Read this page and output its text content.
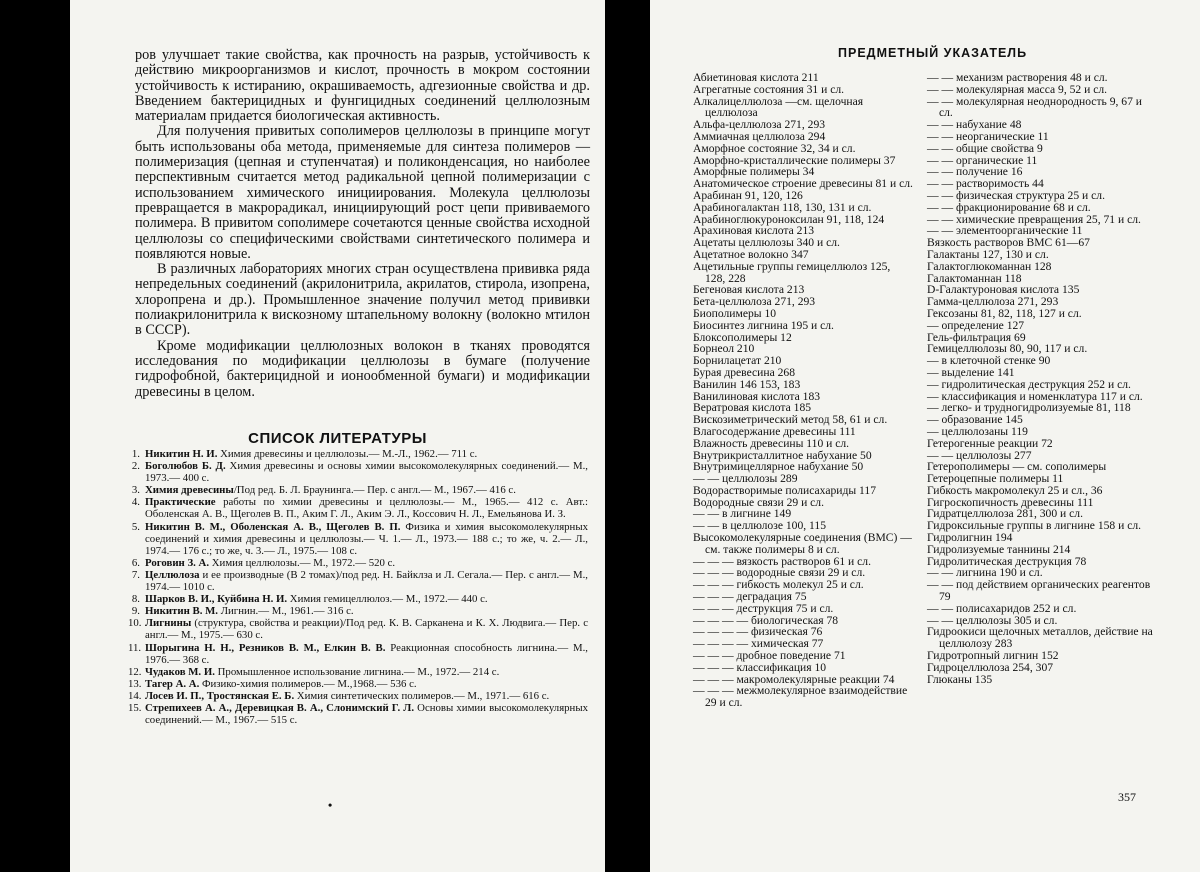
ров улучшает такие свойства, как прочность на разрыв, устойчивость к действию микроорганизмов и кислот, прочность в мокром состоянии устойчивость к истиранию, окрашиваемость, адгезионные свойства и др. Введением бактерицидных и фунгицидных соединений целлюлозным материалам придается биологическая активность.

Для получения привитых сополимеров целлюлозы в принципе могут быть использованы оба метода, применяемые для синтеза полимеров — полимеризация (цепная и ступенчатая) и поликонденсация, но наиболее перспективным считается метод радикальной цепной полимеризации с использованием химического инициирования. Молекула целлюлозы превращается в макрорадикал, инициирующий рост цепи прививаемого полимера. В привитом сополимере сочетаются ценные свойства исходной целлюлозы со специфическими свойствами синтетического полимера и появляются новые.

В различных лабораториях многих стран осуществлена прививка ряда непредельных соединений (акрилонитрила, акрилатов, стирола, изопрена, хлоропрена и др.). Промышленное значение получил метод прививки полиакрилонитрила к вискозному штапельному волокну (волокно мтилон в СССР).

Кроме модификации целлюлозных волокон в тканях проводятся исследования по модификации целлюлозы в бумаге (получение гидрофобной, бактерицидной и ионообменной бумаги) и модификации древесины в целом.

СПИСОК ЛИТЕРАТУРЫ
1. Никитин Н. И. Химия древесины и целлюлозы.— М.-Л., 1962.— 711 с.
2. Боголюбов Б. Д. Химия древесины и основы химии высокомолекулярных соединений.— М., 1973.— 400 с.
3. Химия древесины/Под ред. Б. Л. Браунинга.— Пер. с англ.— М., 1967.— 416 с.
4. Практические работы по химии древесины и целлюлозы.— М., 1965.— 412 с. Авт.: Оболенская А. В., Щеголев В. П., Аким Г. Л., Аким Э. Л., Коссович Н. Л., Емельянова И. З.
5. Никитин В. М., Оболенская А. В., Щеголев В. П. Физика и химия высокомолекулярных соединений и химия древесины и целлюлозы.— Ч. 1.— Л., 1973.— 188 с.; то же, ч. 2.— Л., 1974.— 176 с.; то же, ч. 3.— Л., 1975.— 108 с.
6. Роговин З. А. Химия целлюлозы.— М., 1972.— 520 с.
7. Целлюлоза и ее производные (В 2 томах)/под ред. Н. Байклза и Л. Сегала.— Пер. с англ.— М., 1974.— 1010 с.
8. Шарков В. И., Куйбина Н. И. Химия гемицеллюлоз.— М., 1972.— 440 с.
9. Никитин В. М. Лигнин.— М., 1961.— 316 с.
10. Лигнины (структура, свойства и реакции)/Под ред. К. В. Сарканена и К. Х. Людвига.— Пер. с англ.— М., 1975.— 630 с.
11. Шорыгина Н. Н., Резников В. М., Елкин В. В. Реакционная способность лигнина.— М., 1976.— 368 с.
12. Чудаков М. И. Промышленное использование лигнина.— М., 1972.— 214 с.
13. Тагер А. А. Физико-химия полимеров.— М.,1968.— 536 с.
14. Лосев И. П., Тростянская Е. Б. Химия синтетических полимеров.— М., 1971.— 616 с.
15. Стрепихеев А. А., Деревицкая В. А., Слонимский Г. Л. Основы химии высокомолекулярных соединений.— М., 1967.— 515 с.
•
ПРЕДМЕТНЫЙ УКАЗАТЕЛЬ
Абиетиновая кислота 211
Агрегатные состояния 31 и сл.
Алкалицеллюлоза —см. щелочная целлюлоза
Альфа-целлюлоза 271, 293
Аммиачная целлюлоза 294
Аморфное состояние 32, 34 и сл.
Аморфно-кристаллические полимеры 37
Аморфные полимеры 34
Анатомическое строение древесины 81 и сл.
Арабинан 91, 120, 126
Арабиногалактан 118, 130, 131 и сл.
Арабиноглюкуроноксилан 91, 118, 124
Арахиновая кислота 213
Ацетаты целлюлозы 340 и сл.
Ацетатное волокно 347
Ацетильные группы гемицеллюлоз 125, 128, 228
Бегеновая кислота 213
Бета-целлюлоза 271, 293
Биополимеры 10
Биосинтез лигнина 195 и сл.
Блоксополимеры 12
Борнеол 210
Борнилацетат 210
Бурая древесина 268
Ванилин 146 153, 183
Ванилиновая кислота 183
Вератровая кислота 185
Вискозиметрический метод 58, 61 и сл.
Влагосодержание древесины 111
Влажность древесины 110 и сл.
Внутрикристаллитное набухание 50
Внутримицеллярное набухание 50
— — целлюлозы 289
Водорастворимые полисахариды 117
Водородные связи 29 и сл.
— — в лигнине 149
— — в целлюлозе 100, 115
Высокомолекулярные соединения (ВМС) — см. также полимеры 8 и сл.
— — — вязкость растворов 61 и сл.
— — — водородные связи 29 и сл.
— — — гибкость молекул 25 и сл.
— — — деградация 75
— — — деструкция 75 и сл.
— — — — биологическая 78
— — — — физическая 76
— — — — химическая 77
— — — дробное поведение 71
— — — классификация 10
— — — макромолекулярные реакции 74
— — — межмолекулярное взаимодействие 29 и сл.
— — механизм растворения 48 и сл.
— — молекулярная масса 9, 52 и сл.
— — молекулярная неоднородность 9, 67 и сл.
— — набухание 48
— — неорганические 11
— — общие свойства 9
— — органические 11
— — получение 16
— — растворимость 44
— — физическая структура 25 и сл.
— — фракционирование 68 и сл.
— — химические превращения 25, 71 и сл.
— — элементоорганические 11
Вязкость растворов ВМС 61—67
Галактаны 127, 130 и сл.
Галактоглюкоманнан 128
Галактоманнан 118
D-Галактуроновая кислота 135
Гамма-целлюлоза 271, 293
Гексозаны 81, 82, 118, 127 и сл.
— определение 127
Гель-фильтрация 69
Гемицеллюлозы 80, 90, 117 и сл.
— в клеточной стенке 90
— выделение 141
— гидролитическая деструкция 252 и сл.
— классификация и номенклатура 117 и сл.
— легко- и трудногидролизуемые 81, 118
— образование 145
— целлюлозаны 119
Гетерогенные реакции 72
— — целлюлозы 277
Гетерополимеры — см. сополимеры
Гетероцепные полимеры 11
Гибкость макромолекул 25 и сл., 36
Гигроскопичность древесины 111
Гидратцеллюлоза 281, 300 и сл.
Гидроксильные группы в лигнине 158 и сл.
Гидролигнин 194
Гидролизуемые таннины 214
Гидролитическая деструкция 78
— — лигнина 190 и сл.
— — под действием органических реагентов 79
— — полисахаридов 252 и сл.
— — целлюлозы 305 и сл.
Гидроокиси щелочных металлов, действие на целлюлозу 283
Гидротропный лигнин 152
Гидроцеллюлоза 254, 307
Глюканы 135
357
